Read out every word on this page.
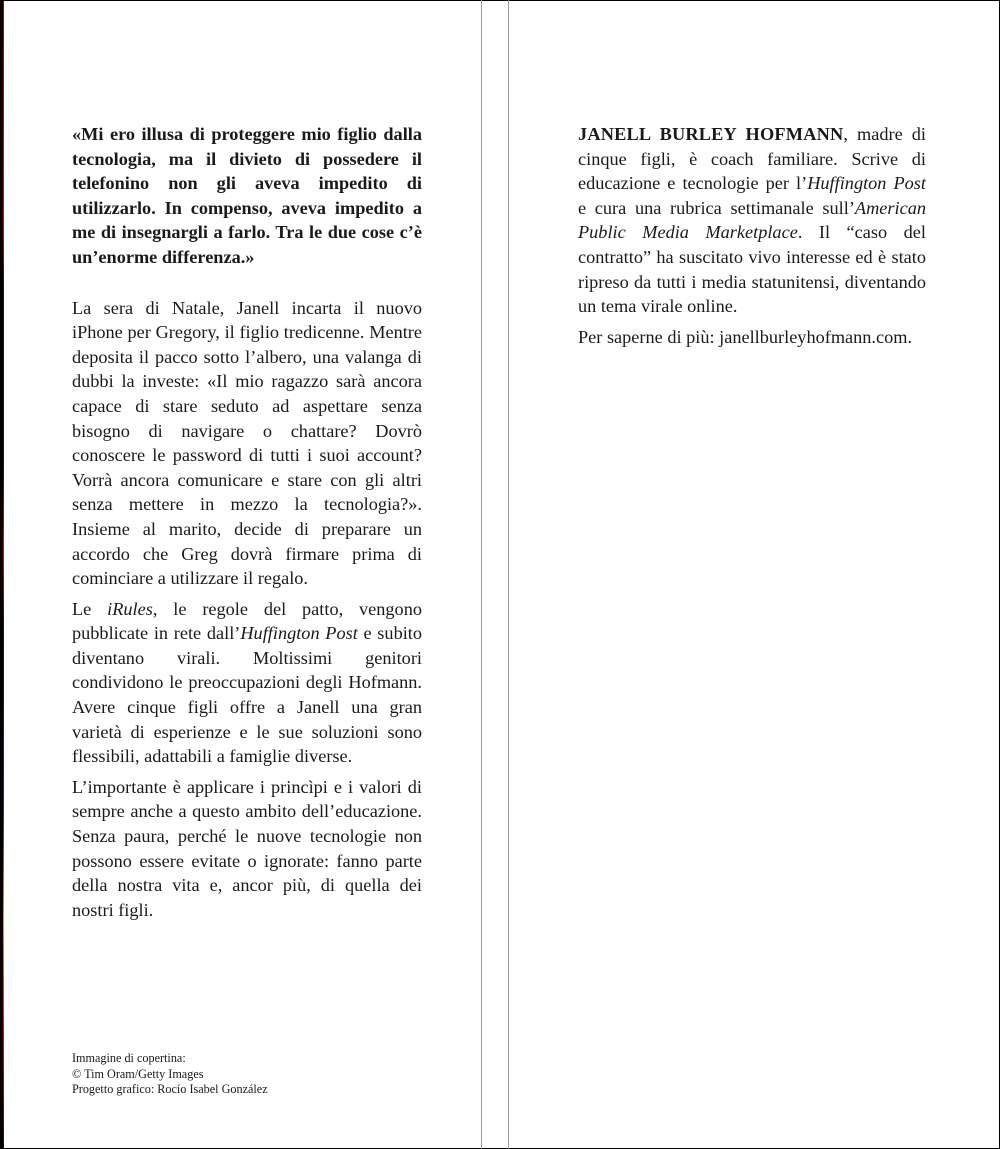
«Mi ero illusa di proteggere mio figlio dalla tecnologia, ma il divieto di possedere il telefonino non gli aveva impedito di utilizzarlo. In compenso, aveva impedito a me di insegnargli a farlo. Tra le due cose c’è un’enorme differenza.»

La sera di Natale, Janell incarta il nuovo iPhone per Gregory, il figlio tredicenne. Mentre deposita il pacco sotto l’albero, una valanga di dubbi la investe: «Il mio ragazzo sarà ancora capace di stare seduto ad aspettare senza bisogno di navigare o chattare? Dovrò conoscere le password di tutti i suoi account? Vorrà ancora comunicare e stare con gli altri senza mettere in mezzo la tecnologia?». Insieme al marito, decide di preparare un accordo che Greg dovrà firmare prima di cominciare a utilizzare il regalo.

Le iRules, le regole del patto, vengono pubblicate in rete dall’Huffington Post e subito diventano virali. Moltissimi genitori condividono le preoccupazioni degli Hofmann. Avere cinque figli offre a Janell una gran varietà di esperienze e le sue soluzioni sono flessibili, adattabili a famiglie diverse.

L’importante è applicare i princìpi e i valori di sempre anche a questo ambito dell’educazione. Senza paura, perché le nuove tecnologie non possono essere evitate o ignorate: fanno parte della nostra vita e, ancor più, di quella dei nostri figli.

Immagine di copertina:
© Tim Oram/Getty Images
Progetto grafico: Rocío Isabel González

JANELL BURLEY HOFMANN, madre di cinque figli, è coach familiare. Scrive di educazione e tecnologie per l’Huffington Post e cura una rubrica settimanale sull’American Public Media Marketplace. Il “caso del contratto” ha suscitato vivo interesse ed è stato ripreso da tutti i media statunitensi, diventando un tema virale online.

Per saperne di più: janellburleyhofmann.com.
